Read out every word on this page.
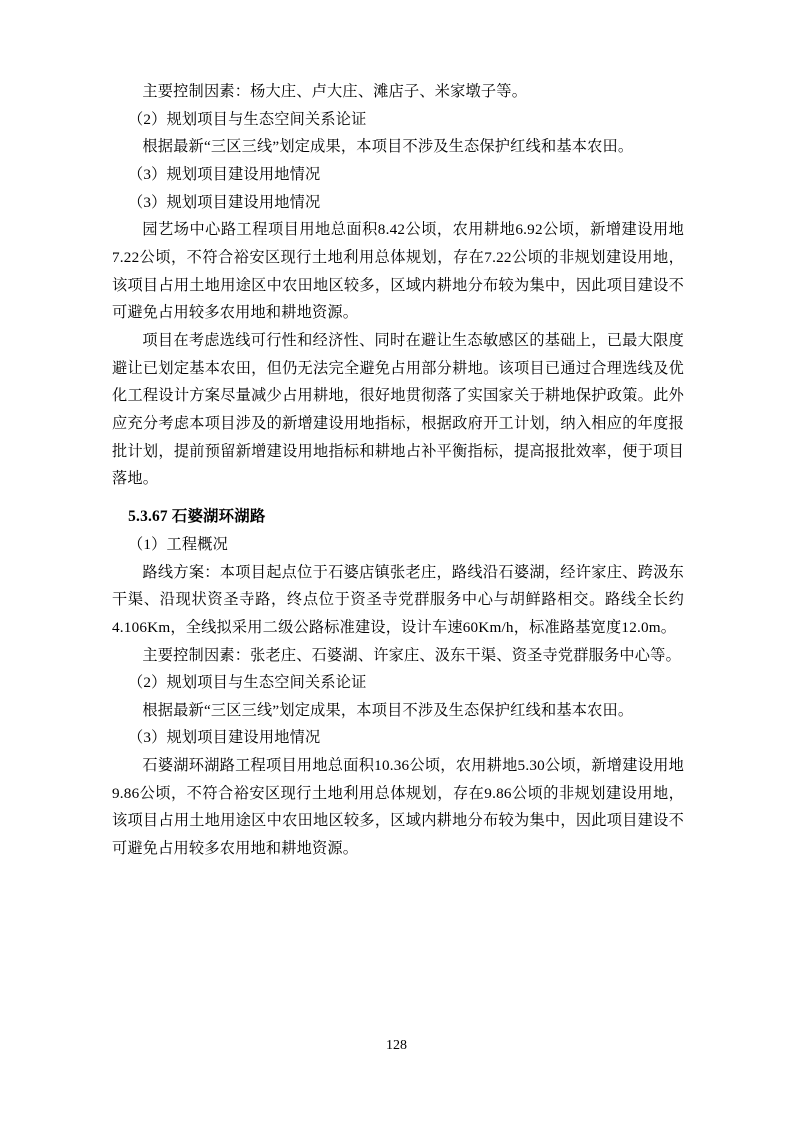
主要控制因素：杨大庄、卢大庄、滩店子、米家墩子等。

（2）规划项目与生态空间关系论证

根据最新“三区三线”划定成果，本项目不涉及生态保护红线和基本农田。

（3）规划项目建设用地情况

（3）规划项目建设用地情况

园艺场中心路工程项目用地总面积8.42公顷，农用耕地6.92公顷，新增建设用地7.22公顷，不符合裕安区现行土地利用总体规划，存在7.22公顷的非规划建设用地，该项目占用土地用途区中农田地区较多，区域内耕地分布较为集中，因此项目建设不可避免占用较多农用地和耕地资源。

项目在考虑选线可行性和经济性、同时在避让生态敏感区的基础上，已最大限度避让已划定基本农田，但仍无法完全避免占用部分耕地。该项目已通过合理选线及优化工程设计方案尽量减少占用耕地，很好地贯彻落了实国家关于耕地保护政策。此外应充分考虑本项目涉及的新增建设用地指标，根据政府开工计划，纳入相应的年度报批计划，提前预留新增建设用地指标和耕地占补平衡指标，提高报批效率，便于项目落地。

5.3.67 石婆湖环湖路

（1）工程概况

路线方案：本项目起点位于石婆店镇张老庄，路线沿石婆湖，经许家庄、跨汲东干渠、沿现状资圣寺路，终点位于资圣寺党群服务中心与胡鲜路相交。路线全长约4.106Km，全线拟采用二级公路标准建设，设计车速60Km/h，标准路基宽度12.0m。

主要控制因素：张老庄、石婆湖、许家庄、汲东干渠、资圣寺党群服务中心等。

（2）规划项目与生态空间关系论证

根据最新“三区三线”划定成果，本项目不涉及生态保护红线和基本农田。

（3）规划项目建设用地情况

石婆湖环湖路工程项目用地总面积10.36公顷，农用耕地5.30公顷，新增建设用地9.86公顷，不符合裕安区现行土地利用总体规划，存在9.86公顷的非规划建设用地，该项目占用土地用途区中农田地区较多，区域内耕地分布较为集中，因此项目建设不可避免占用较多农用地和耕地资源。

128
